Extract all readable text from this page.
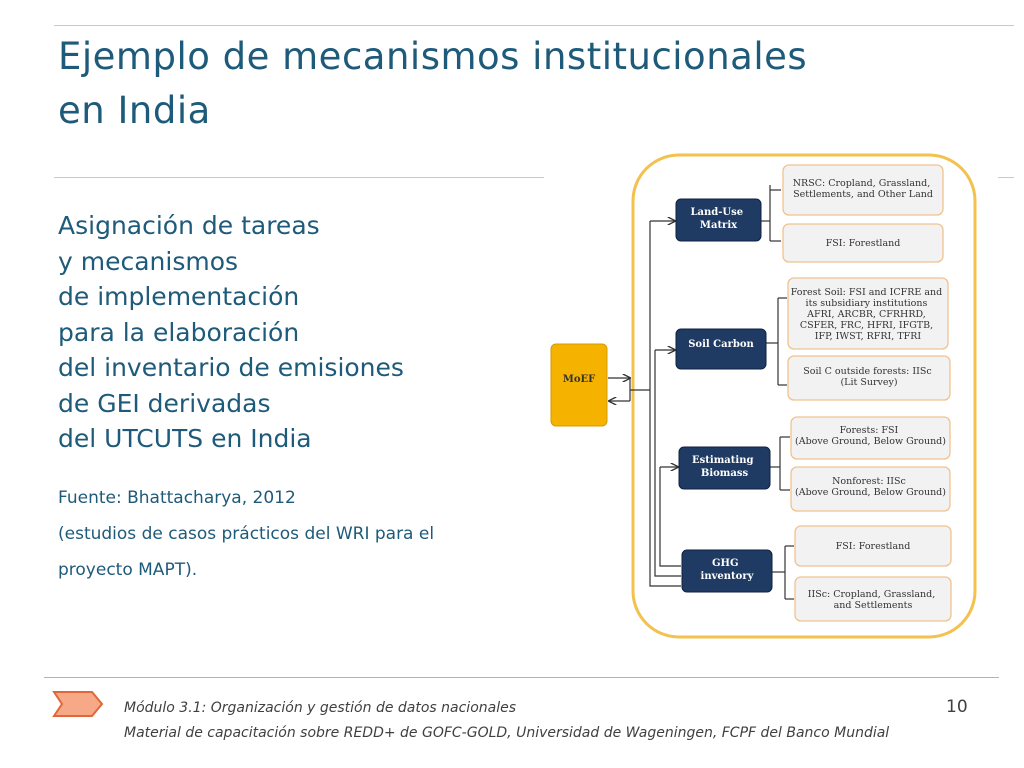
Ejemplo de mecanismos institucionales
en India
Asignación de tareas
y mecanismos
de implementación
para la elaboración
del inventario de emisiones
de GEI derivadas
del UTCUTS en India
Fuente: Bhattacharya, 2012
(estudios de casos prácticos del WRI para el
proyecto MAPT).
MoEF
Land-Use Matrix
Soil Carbon
Estimating Biomass
GHG inventory
NRSC: Cropland, Grassland, Settlements, and Other Land
FSI: Forestland
Forest Soil: FSI and ICFRE and its subsidiary institutions AFRI, ARCBR, CFRHRD, CSFER, FRC, HFRI, IFGTB, IFP, IWST, RFRI, TFRI
Soil C outside forests: IISc (Lit Survey)
Forests: FSI (Above Ground, Below Ground)
Nonforest: IISc (Above Ground, Below Ground)
FSI: Forestland
IISc: Cropland, Grassland, and Settlements
Módulo 3.1: Organización y gestión de datos nacionales
Material de capacitación sobre REDD+ de GOFC-GOLD, Universidad de Wageningen, FCPF del Banco Mundial
10
